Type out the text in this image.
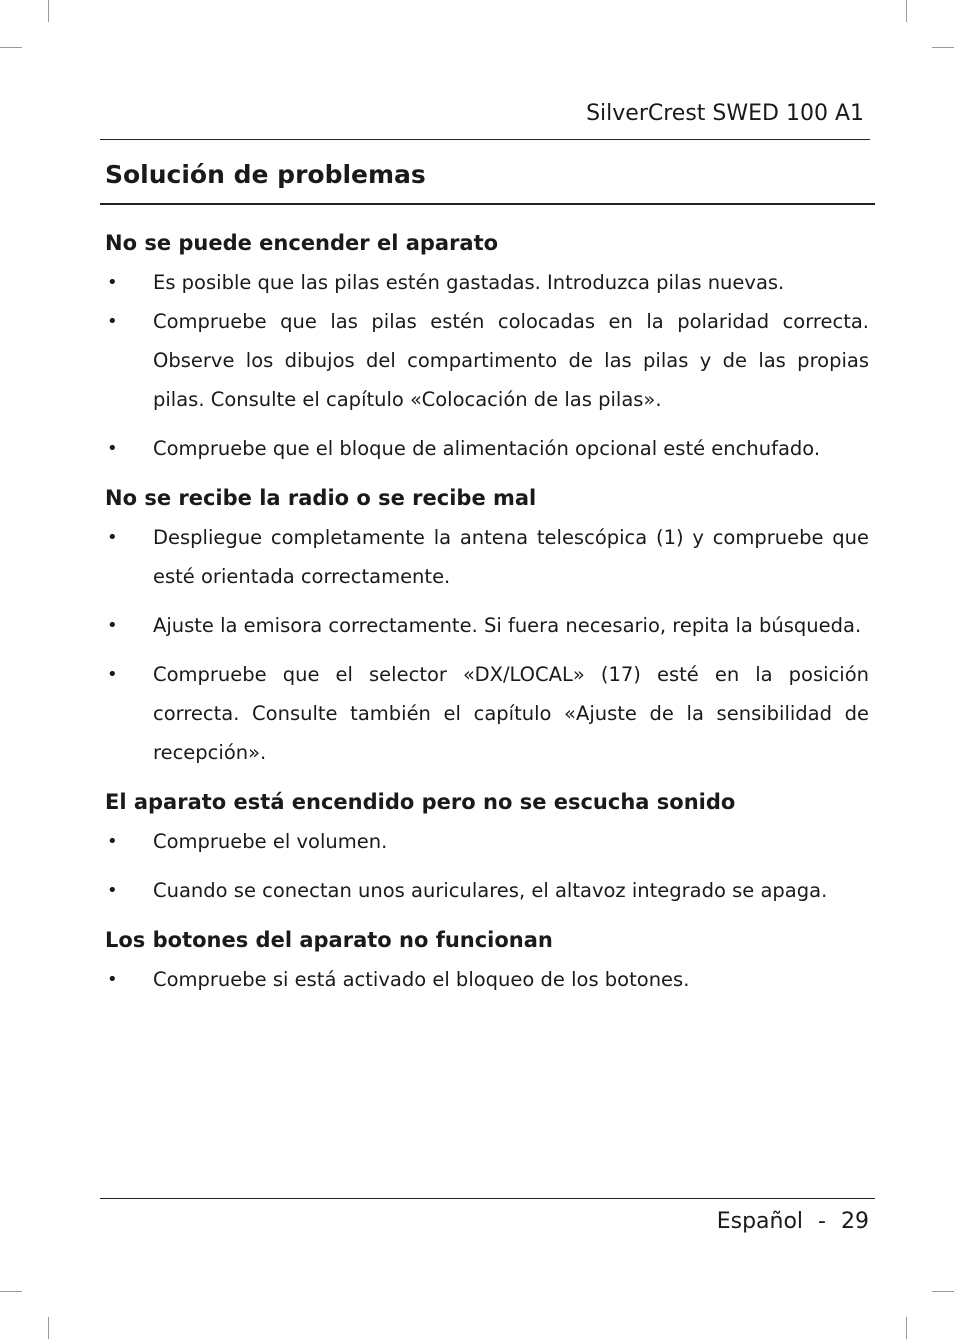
SilverCrest SWED 100 A1
Solución de problemas
No se puede encender el aparato
• Es posible que las pilas estén gastadas. Introduzca pilas nuevas.
• Compruebe que las pilas estén colocadas en la polaridad correcta. Observe los dibujos del compartimento de las pilas y de las propias pilas. Consulte el capítulo «Colocación de las pilas».
• Compruebe que el bloque de alimentación opcional esté enchufado.
No se recibe la radio o se recibe mal
• Despliegue completamente la antena telescópica (1) y compruebe que esté orientada correctamente.
• Ajuste la emisora correctamente. Si fuera necesario, repita la búsqueda.
• Compruebe que el selector «DX/LOCAL» (17) esté en la posición correcta. Consulte también el capítulo «Ajuste de la sensibilidad de recepción».
El aparato está encendido pero no se escucha sonido
• Compruebe el volumen.
• Cuando se conectan unos auriculares, el altavoz integrado se apaga.
Los botones del aparato no funcionan
• Compruebe si está activado el bloqueo de los botones.
Español - 29
